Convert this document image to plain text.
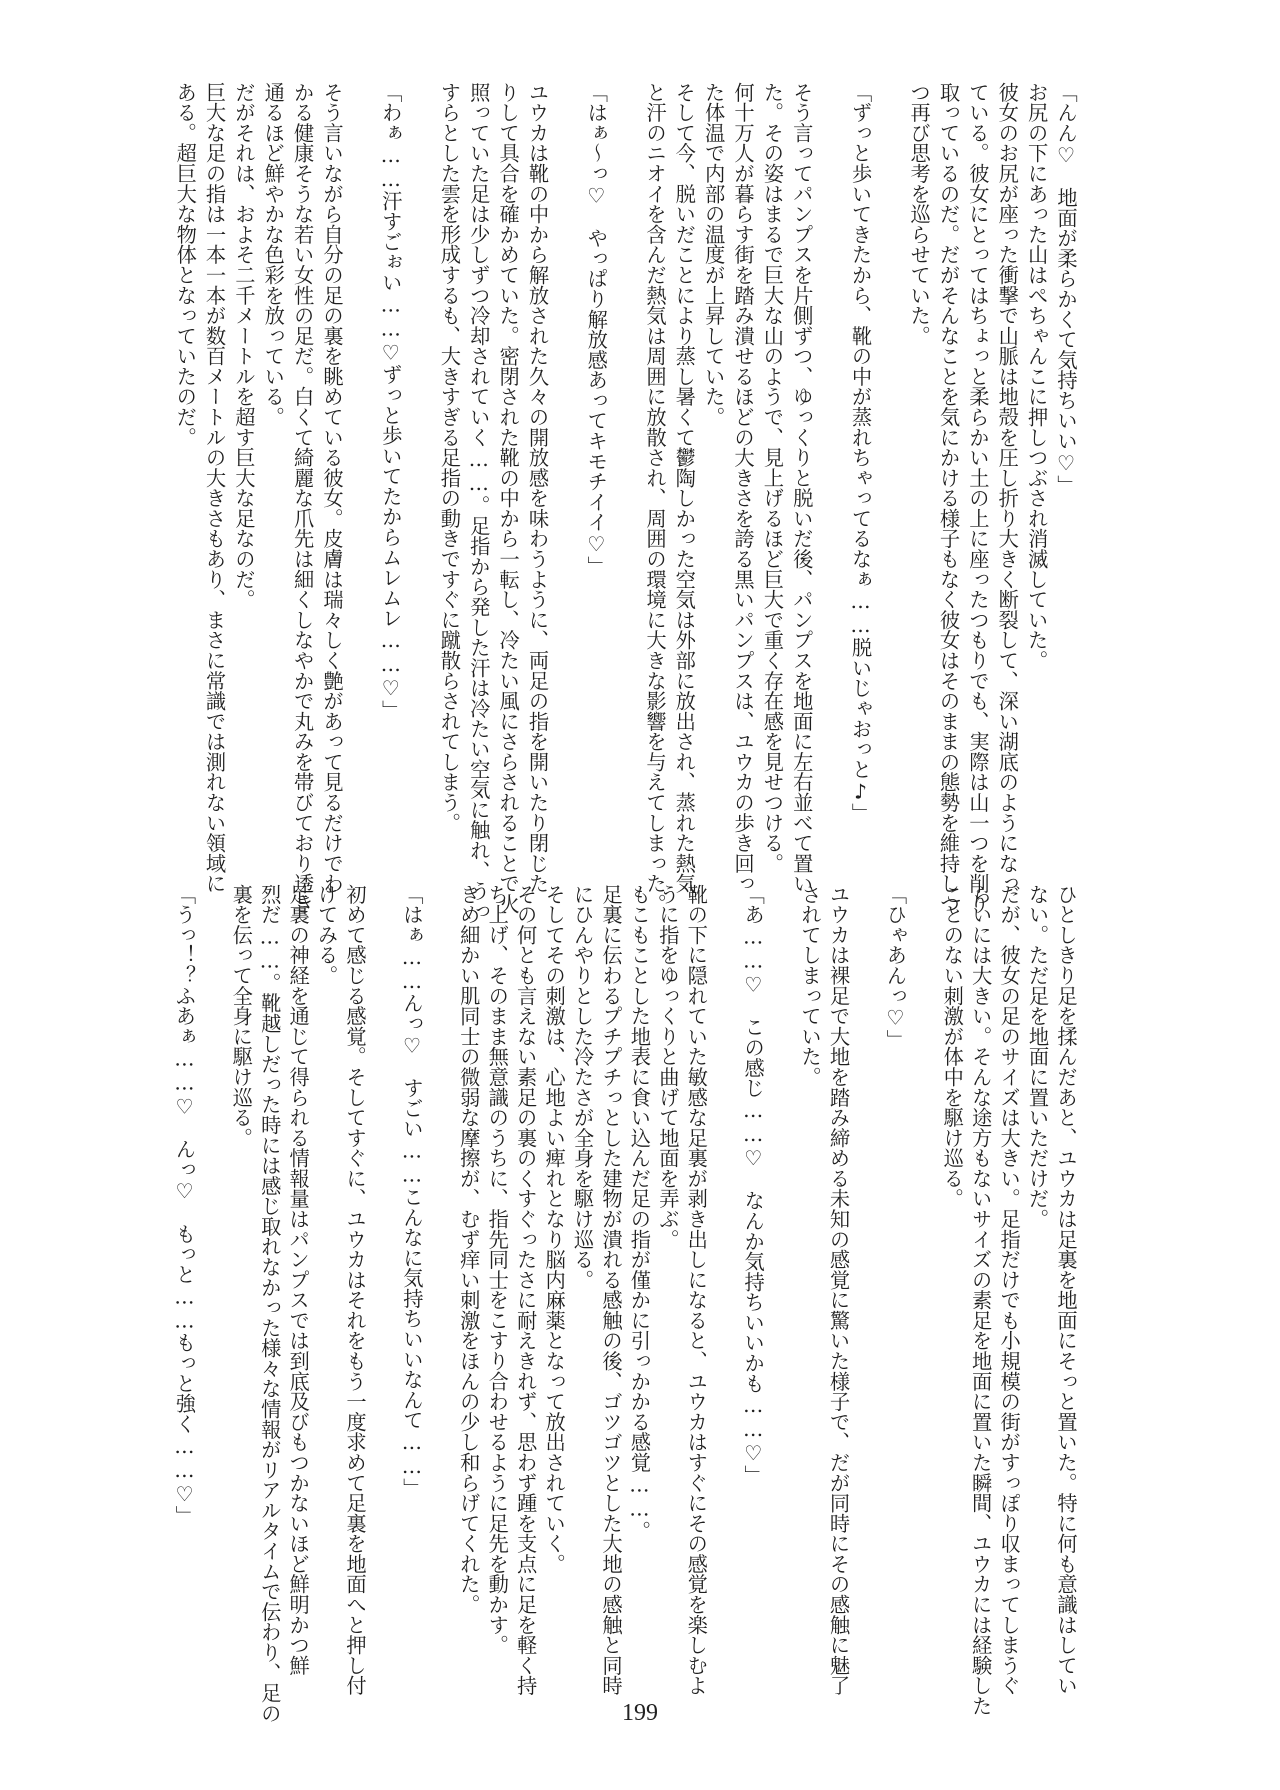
「んん♡　地面が柔らかくて気持ちいい♡」
お尻の下にあった山はぺちゃんこに押しつぶされ消滅していた。
彼女のお尻が座った衝撃で山脈は地殻を圧し折り大きく断裂して、深い湖底のようになっ
ている。彼女にとってはちょっと柔らかい土の上に座ったつもりでも、実際は山一つを削り
取っているのだ。だがそんなことを気にかける様子もなく彼女はそのままの態勢を維持しつ
つ再び思考を巡らせていた。

「ずっと歩いてきたから、靴の中が蒸れちゃってるなぁ……脱いじゃおっと♪」

そう言ってパンプスを片側ずつ、ゆっくりと脱いだ後、パンプスを地面に左右並べて置い
た。その姿はまるで巨大な山のようで、見上げるほど巨大で重く存在感を見せつける。
何十万人が暮らす街を踏み潰せるほどの大きさを誇る黒いパンプスは、ユウカの歩き回っ
た体温で内部の温度が上昇していた。
そして今、脱いだことにより蒸し暑くて鬱陶しかった空気は外部に放出され、蒸れた熱気
と汗のニオイを含んだ熱気は周囲に放散され、周囲の環境に大きな影響を与えてしまった。

「はぁ～っ♡　やっぱり解放感あってキモチイイ♡」

ユウカは靴の中から解放された久々の開放感を味わうように、両足の指を開いたり閉じた
りして具合を確かめていた。密閉された靴の中から一転し、冷たい風にさらされることで火
照っていた足は少しずつ冷却されていく……。足指から発した汗は冷たい空気に触れ、うっ
すらとした雲を形成するも、大きすぎる足指の動きですぐに蹴散らされてしまう。

「わぁ……汗すごぉい……♡ずっと歩いてたからムレムレ……♡」

そう言いながら自分の足の裏を眺めている彼女。皮膚は瑞々しく艶があって見るだけでわ
かる健康そうな若い女性の足だ。白くて綺麗な爪先は細くしなやかで丸みを帯びており透き
通るほど鮮やかな色彩を放っている。
だがそれは、およそ二千メートルを超す巨大な足なのだ。
巨大な足の指は一本一本が数百メートルの大きさもあり、まさに常識では測れない領域に
ある。超巨大な物体となっていたのだ。
ひとしきり足を揉んだあと、ユウカは足裏を地面にそっと置いた。特に何も意識はしてい
ない。ただ足を地面に置いただけだ。
だが、彼女の足のサイズは大きい。足指だけでも小規模の街がすっぽり収まってしまうぐ
らいには大きい。そんな途方もないサイズの素足を地面に置いた瞬間、ユウカには経験した
ことのない刺激が体中を駆け巡る。

「ひゃあんっ♡」

ユウカは裸足で大地を踏み締める未知の感覚に驚いた様子で、だが同時にその感触に魅了
されてしまっていた。

「あ……♡　この感じ……♡　なんか気持ちいいかも……♡」

靴の下に隠れていた敏感な足裏が剥き出しになると、ユウカはすぐにその感覚を楽しむよ
うに指をゆっくりと曲げて地面を弄ぶ。
もこもことした地表に食い込んだ足の指が僅かに引っかかる感覚……。
足裏に伝わるプチプチっとした建物が潰れる感触の後、ゴツゴツとした大地の感触と同時
にひんやりとした冷たさが全身を駆け巡る。
そしてその刺激は、心地よい痺れとなり脳内麻薬となって放出されていく。
その何とも言えない素足の裏のくすぐったさに耐えきれず、思わず踵を支点に足を軽く持
ち上げ、そのまま無意識のうちに、指先同士をこすり合わせるように足先を動かす。
きめ細かい肌同士の微弱な摩擦が、むず痒い刺激をほんの少し和らげてくれた。

「はぁ……んっ♡　すごい……こんなに気持ちいいなんて……」

初めて感じる感覚。そしてすぐに、ユウカはそれをもう一度求めて足裏を地面へと押し付
けてみる。
足裏の神経を通じて得られる情報量はパンプスでは到底及びもつかないほど鮮明かつ鮮
烈だ……。靴越しだった時には感じ取れなかった様々な情報がリアルタイムで伝わり、足の
裏を伝って全身に駆け巡る。

「うっ！？ふあぁ……♡　んっ♡　もっと……もっと強く……♡」
199
